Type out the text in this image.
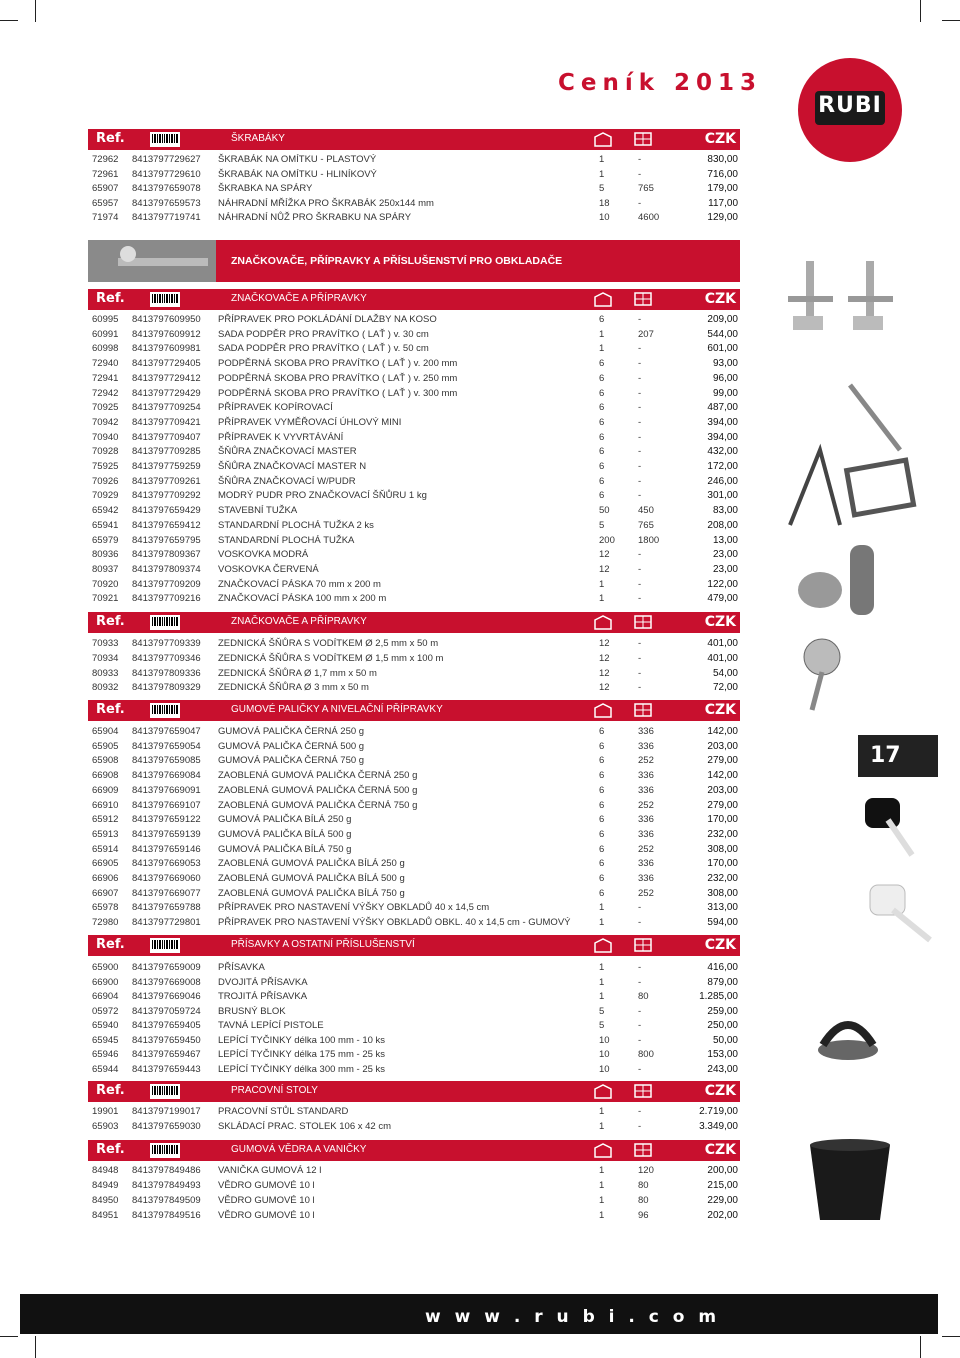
Ceník 2013
RUBI
ZNAČKOVAČE, PŘÍPRAVKY A PŘÍSLUŠENSTVÍ PRO OBKLADAČE
Ref.	ŠKRABÁKY	CZK
72962 8413797729627 ŠKRABÁK NA OMÍTKU - PLASTOVÝ	1	-	830,00
72961 8413797729610 ŠKRABÁK NA OMÍTKU - HLINÍKOVÝ	1	-	716,00
65907 8413797659078 ŠKRABKA NA SPÁRY	5	765	179,00
65957 8413797659573 NÁHRADNÍ MŘÍŽKA PRO ŠKRABÁK 250x144 mm	18	-	117,00
71974 8413797719741 NÁHRADNÍ NŮŽ PRO ŠKRABKU NA SPÁRY	10	4600	129,00
Ref.	ZNAČKOVAČE A PŘÍPRAVKY	CZK
60995 8413797609950 PŘÍPRAVEK PRO POKLÁDÁNÍ DLAŽBY NA KOSO	6	-	209,00
60991 8413797609912 SADA PODPĚR PRO PRAVÍTKO ( LAŤ ) v. 30 cm	1	207	544,00
60998 8413797609981 SADA PODPĚR PRO PRAVÍTKO ( LAŤ ) v. 50 cm	1	-	601,00
72940 8413797729405 PODPĚRNÁ SKOBA PRO PRAVÍTKO ( LAŤ ) v. 200 mm	6	-	93,00
72941 8413797729412 PODPĚRNÁ SKOBA PRO PRAVÍTKO ( LAŤ ) v. 250 mm	6	-	96,00
72942 8413797729429 PODPĚRNÁ SKOBA PRO PRAVÍTKO ( LAŤ ) v. 300 mm	6	-	99,00
70925 8413797709254 PŘÍPRAVEK KOPÍROVACÍ	6	-	487,00
70942 8413797709421 PŘÍPRAVEK VYMĚŘOVACÍ ÚHLOVÝ MINI	6	-	394,00
70940 8413797709407 PŘÍPRAVEK K VYVRTÁVÁNÍ	6	-	394,00
70928 8413797709285 ŠŇŮRA ZNAČKOVACÍ MASTER	6	-	432,00
75925 8413797759259 ŠŇŮRA ZNAČKOVACÍ MASTER N	6	-	172,00
70926 8413797709261 ŠŇŮRA ZNAČKOVACÍ W/PUDR	6	-	246,00
70929 8413797709292 MODRÝ PUDR PRO ZNAČKOVACÍ ŠŇŮRU 1 kg	6	-	301,00
65942 8413797659429 STAVEBNÍ TUŽKA	50	450	83,00
65941 8413797659412 STANDARDNÍ PLOCHÁ TUŽKA 2 ks	5	765	208,00
65979 8413797659795 STANDARDNÍ PLOCHÁ TUŽKA	200 1800	13,00
80936 8413797809367 VOSKOVKA MODRÁ	12	-	23,00
80937 8413797809374 VOSKOVKA ČERVENÁ	12	-	23,00
70920 8413797709209 ZNAČKOVACÍ PÁSKA 70 mm x 200 m	1	-	122,00
70921 8413797709216 ZNAČKOVACÍ PÁSKA 100 mm x 200 m	1	-	479,00
Ref.	ZNAČKOVAČE A PŘÍPRAVKY	CZK
70933 8413797709339 ZEDNICKÁ ŠŇŮRA S VODÍTKEM Ø 2,5 mm x 50 m	12	-	401,00
70934 8413797709346 ZEDNICKÁ ŠŇŮRA S VODÍTKEM Ø 1,5 mm x 100 m	12	-	401,00
80933 8413797809336 ZEDNICKÁ ŠŇŮRA Ø 1,7 mm x 50 m	12	-	54,00
80932 8413797809329 ZEDNICKÁ ŠŇŮRA Ø 3 mm x 50 m	12	-	72,00
Ref.	GUMOVÉ PALIČKY A NIVELAČNÍ PŘÍPRAVKY	CZK
65904 8413797659047 GUMOVÁ PALIČKA ČERNÁ 250 g	6	336	142,00
65905 8413797659054 GUMOVÁ PALIČKA ČERNÁ 500 g	6	336	203,00
65908 8413797659085 GUMOVÁ PALIČKA ČERNÁ 750 g	6	252	279,00
66908 8413797669084 ZAOBLENÁ GUMOVÁ PALIČKA ČERNÁ 250 g	6	336	142,00
66909 8413797669091 ZAOBLENÁ GUMOVÁ PALIČKA ČERNÁ 500 g	6	336	203,00
66910 8413797669107 ZAOBLENÁ GUMOVÁ PALIČKA ČERNÁ 750 g	6	252	279,00
65912 8413797659122 GUMOVÁ PALIČKA BÍLÁ 250 g	6	336	170,00
65913 8413797659139 GUMOVÁ PALIČKA BÍLÁ 500 g	6	336	232,00
65914 8413797659146 GUMOVÁ PALIČKA BÍLÁ 750 g	6	252	308,00
66905 8413797669053 ZAOBLENÁ GUMOVÁ PALIČKA BÍLÁ 250 g	6	336	170,00
66906 8413797669060 ZAOBLENÁ GUMOVÁ PALIČKA BÍLÁ 500 g	6	336	232,00
66907 8413797669077 ZAOBLENÁ GUMOVÁ PALIČKA BÍLÁ 750 g	6	252	308,00
65978 8413797659788 PŘÍPRAVEK PRO NASTAVENÍ VÝŠKY OBKLADŮ 40 x 14,5 cm	1	-	313,00
72980 8413797729801 PŘÍPRAVEK PRO NASTAVENÍ VÝŠKY OBKLADŮ OBKL. 40 x 14,5 cm - GUMOVÝ	1	-	594,00
Ref.	PŘÍSAVKY A OSTATNÍ PŘÍSLUŠENSTVÍ	CZK
65900 8413797659009 PŘÍSAVKA	1	-	416,00
66900 8413797669008 DVOJITÁ PŘÍSAVKA	1	-	879,00
66904 8413797669046 TROJITÁ PŘÍSAVKA	1	80	1.285,00
05972 8413797059724 BRUSNÝ BLOK	5	-	259,00
65940 8413797659405 TAVNÁ LEPÍCÍ PISTOLE	5	-	250,00
65945 8413797659450 LEPÍCÍ TYČINKY délka 100 mm - 10 ks	10	-	50,00
65946 8413797659467 LEPÍCÍ TYČINKY délka 175 mm - 25 ks	10	800	153,00
65944 8413797659443 LEPÍCÍ TYČINKY délka 300 mm - 25 ks	10	-	243,00
Ref.	PRACOVNÍ STOLY	CZK
19901 8413797199017 PRACOVNÍ STŮL STANDARD	1	-	2.719,00
65903 8413797659030 SKLÁDACÍ PRAC. STOLEK 106 x 42 cm	1	-	3.349,00
Ref.	GUMOVÁ VĚDRA A VANIČKY	CZK
84948 8413797849486 VANIČKA GUMOVÁ 12 l	1	120	200,00
84949 8413797849493 VĚDRO GUMOVÉ 10 l	1	80	215,00
84950 8413797849509 VĚDRO GUMOVÉ 10 l	1	80	229,00
84951 8413797849516 VĚDRO GUMOVÉ 10 l	1	96	202,00
17
w w w . r u b i . c o m
